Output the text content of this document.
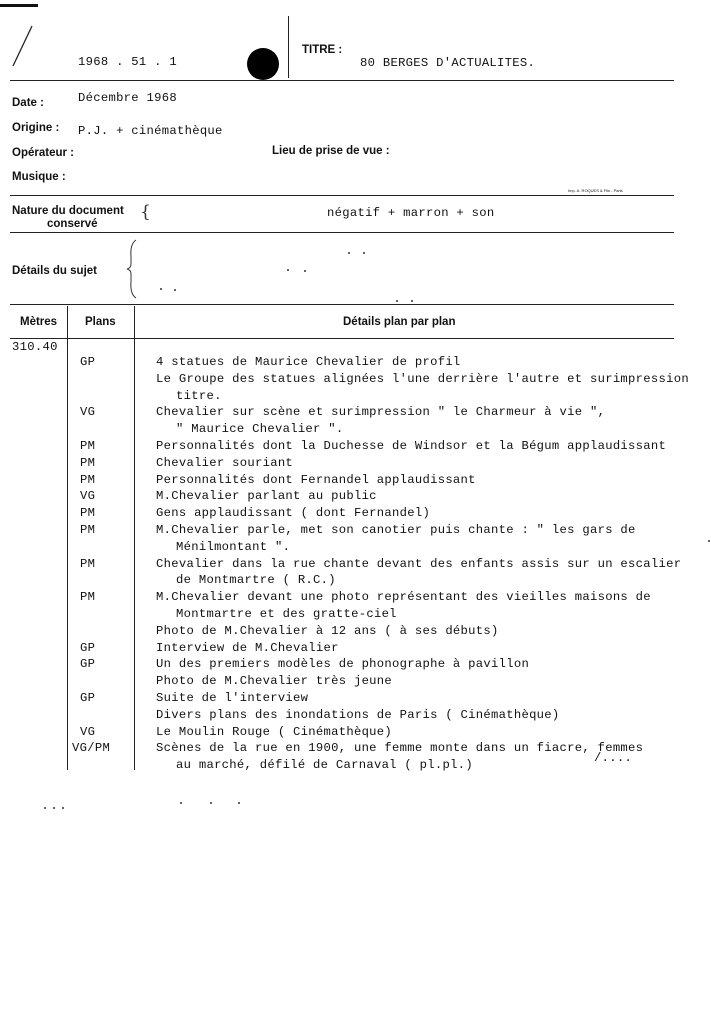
1968 . 51 . 1
TITRE :
80 BERGES D'ACTUALITES.
Date :	Décembre 1968
Origine : P.J. + cinémathèque
Opérateur :	Lieu de prise de vue :
Musique :
Imp. A. ROQUES & Fils - Paris
Nature du document
conservé
{	négatif + marron + son
Détails du sujet
Mètres Plans	Détails plan par plan
310.40
GP	4 statues de Maurice Chevalier de profil
Le Groupe des statues alignées l'une derrière l'autre et surimpression
titre.
VG	Chevalier sur scène et surimpression " le Charmeur à vie ",
" Maurice Chevalier ".
PM	Personnalités dont la Duchesse de Windsor et la Bégum applaudissant
PM	Chevalier souriant
PM	Personnalités dont Fernandel applaudissant
VG	M.Chevalier parlant au public
PM	Gens applaudissant ( dont Fernandel)
PM	M.Chevalier parle, met son canotier puis chante : " les gars de
Ménilmontant ".
PM	Chevalier dans la rue chante devant des enfants assis sur un escalier
de Montmartre ( R.C.)
PM	M.Chevalier devant une photo représentant des vieilles maisons de
Montmartre et des gratte-ciel
Photo de M.Chevalier à 12 ans ( à ses débuts)
GP	Interview de M.Chevalier
GP	Un des premiers modèles de phonographe à pavillon
Photo de M.Chevalier très jeune
GP	Suite de l'interview
Divers plans des inondations de Paris ( Cinémathèque)
VG	Le Moulin Rouge ( Cinémathèque)
VG/PM	Scènes de la rue en 1900, une femme monte dans un fiacre, femmes
au marché, défilé de Carnaval ( pl.pl.)	/....
